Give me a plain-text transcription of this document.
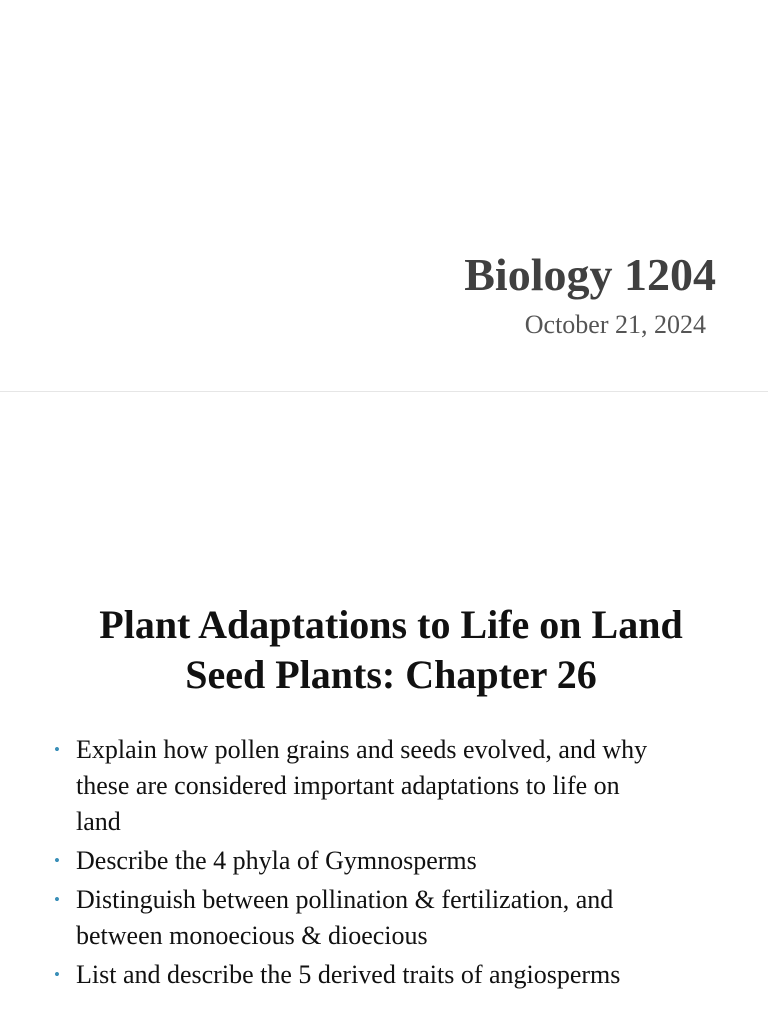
Biology 1204

October 21, 2024

Plant Adaptations to Life on Land
Seed Plants: Chapter 26
• Explain how pollen grains and seeds evolved, and why
these are considered important adaptations to life on
land
• Describe the 4 phyla of Gymnosperms
• Distinguish between pollination & fertilization, and
between monoecious & dioecious
• List and describe the 5 derived traits of angiosperms
